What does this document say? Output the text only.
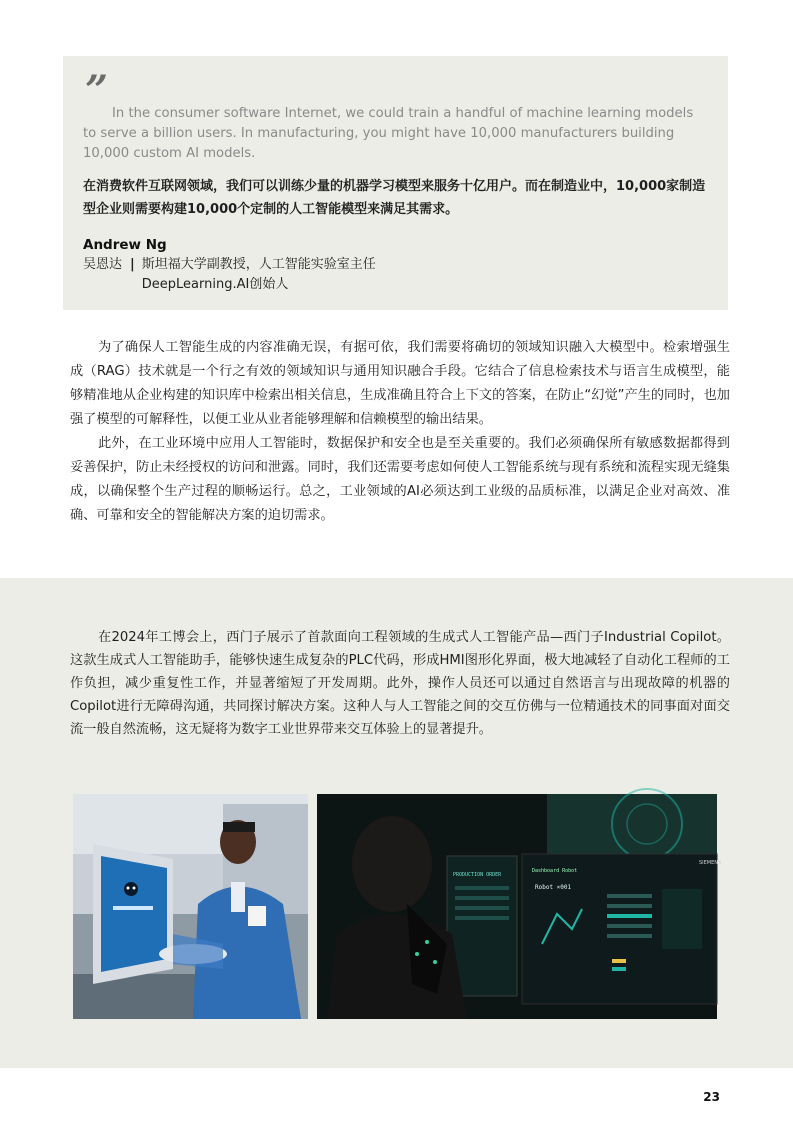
” In the consumer software Internet, we could train a handful of machine learning models to serve a billion users. In manufacturing, you might have 10,000 manufacturers building 10,000 custom AI models.
在消费软件互联网领域，我们可以训练少量的机器学习模型来服务十亿用户。而在制造业中，10,000家制造型企业则需要构建10,000个定制的人工智能模型来满足其需求。
Andrew Ng
吴恩达 | 斯坦福大学副教授，人工智能实验室主任
DeepLearning.AI创始人

为了确保人工智能生成的内容准确无误，有据可依，我们需要将确切的领域知识融入大模型中。检索增强生成（RAG）技术就是一个行之有效的领域知识与通用知识融合手段。它结合了信息检索技术与语言生成模型，能够精准地从企业构建的知识库中检索出相关信息，生成准确且符合上下文的答案，在防止“幻觉”产生的同时，也加强了模型的可解释性，以便工业从业者能够理解和信赖模型的输出结果。

此外，在工业环境中应用人工智能时，数据保护和安全也是至关重要的。我们必须确保所有敏感数据都得到妥善保护，防止未经授权的访问和泄露。同时，我们还需要考虑如何使人工智能系统与现有系统和流程实现无缝集成，以确保整个生产过程的顺畅运行。总之，工业领域的AI必须达到工业级的品质标准，以满足企业对高效、准确、可靠和安全的智能解决方案的迫切需求。

在2024年工博会上，西门子展示了首款面向工程领域的生成式人工智能产品—西门子Industrial Copilot。这款生成式人工智能助手，能够快速生成复杂的PLC代码，形成HMI图形化界面，极大地减轻了自动化工程师的工作负担，减少重复性工作，并显著缩短了开发周期。此外，操作人员还可以通过自然语言与出现故障的机器的Copilot进行无障碍沟通，共同探讨解决方案。这种人与人工智能之间的交互仿佛与一位精通技术的同事面对面交流一般自然流畅，这无疑将为数字工业世界带来交互体验上的显著提升。

PRODUCTION ORDER
Dashboard Robot
SIEMENS
Robot ×001
23
